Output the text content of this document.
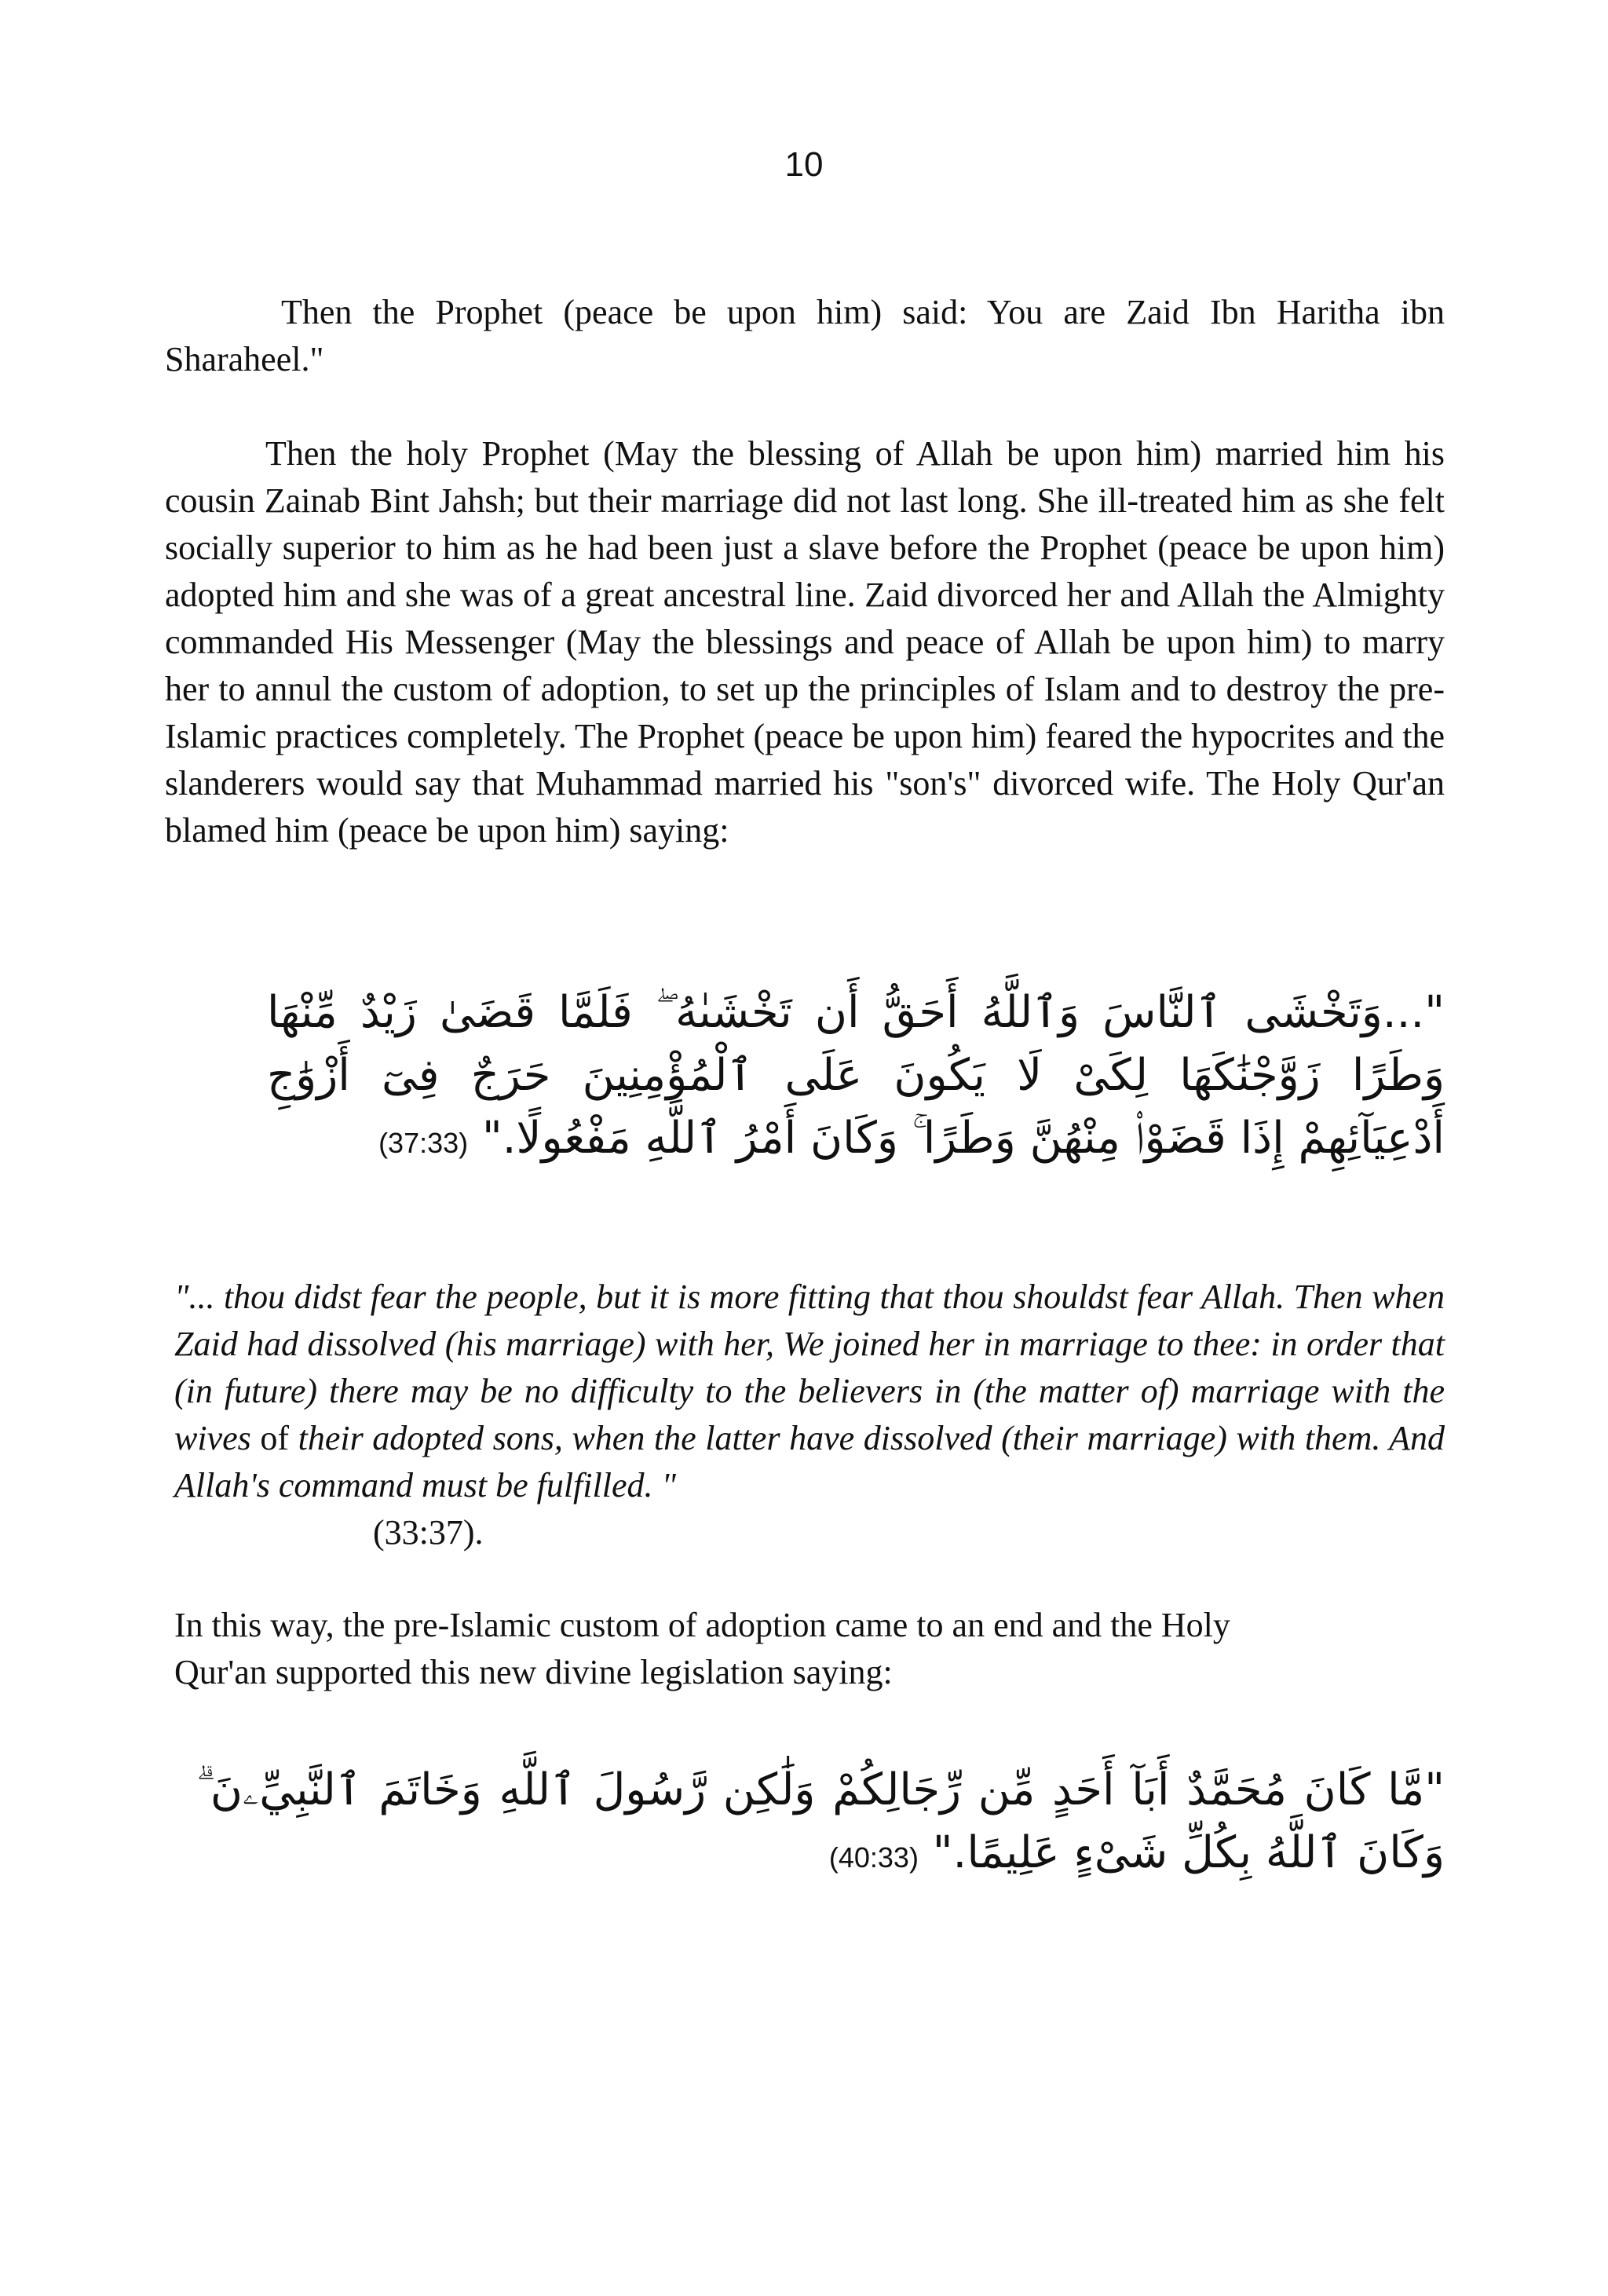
10

Then the Prophet (peace be upon him) said: You are Zaid Ibn Haritha ibn Sharaheel."

Then the holy Prophet (May the blessing of Allah be upon him) married him his cousin Zainab Bint Jahsh; but their marriage did not last long. She ill-treated him as she felt socially superior to him as he had been just a slave before the Prophet (peace be upon him) adopted him and she was of a great ancestral line. Zaid divorced her and Allah the Almighty commanded His Messenger (May the blessings and peace of Allah be upon him) to marry her to annul the custom of adoption, to set up the principles of Islam and to destroy the pre-Islamic practices completely. The Prophet (peace be upon him) feared the hypocrites and the slanderers would say that Muhammad married his "son's" divorced wife. The Holy Qur'an blamed him (peace be upon him) saying:

"...وَتَخْشَى ٱلنَّاسَ وَٱللَّهُ أَحَقُّ أَن تَخْشَىٰهُ ۖ فَلَمَّا قَضَىٰ زَيْدٌ مِّنْهَا وَطَرًا زَوَّجْنَٰكَهَا لِكَىْ لَا يَكُونَ عَلَى ٱلْمُؤْمِنِينَ حَرَجٌ فِىٓ أَزْوَٰجِ أَدْعِيَآئِهِمْ إِذَا قَضَوْا۟ مِنْهُنَّ وَطَرًا ۚ وَكَانَ أَمْرُ ٱللَّهِ مَفْعُولًا." (37:33)

"... thou didst fear the people, but it is more fitting that thou shouldst fear Allah. Then when Zaid had dissolved (his marriage) with her, We joined her in marriage to thee: in order that (in future) there may be no difficulty to the believers in (the matter of) marriage with the wives of their adopted sons, when the latter have dissolved (their marriage) with them. And Allah's command must be fulfilled. "

(33:37).

In this way, the pre-Islamic custom of adoption came to an end and the Holy
Qur'an supported this new divine legislation saying:

"مَّا كَانَ مُحَمَّدٌ أَبَآ أَحَدٍ مِّن رِّجَالِكُمْ وَلَٰكِن رَّسُولَ ٱللَّهِ وَخَاتَمَ ٱلنَّبِيِّۦنَ ۗ وَكَانَ ٱللَّهُ بِكُلِّ شَىْءٍ عَلِيمًا." (40:33)
